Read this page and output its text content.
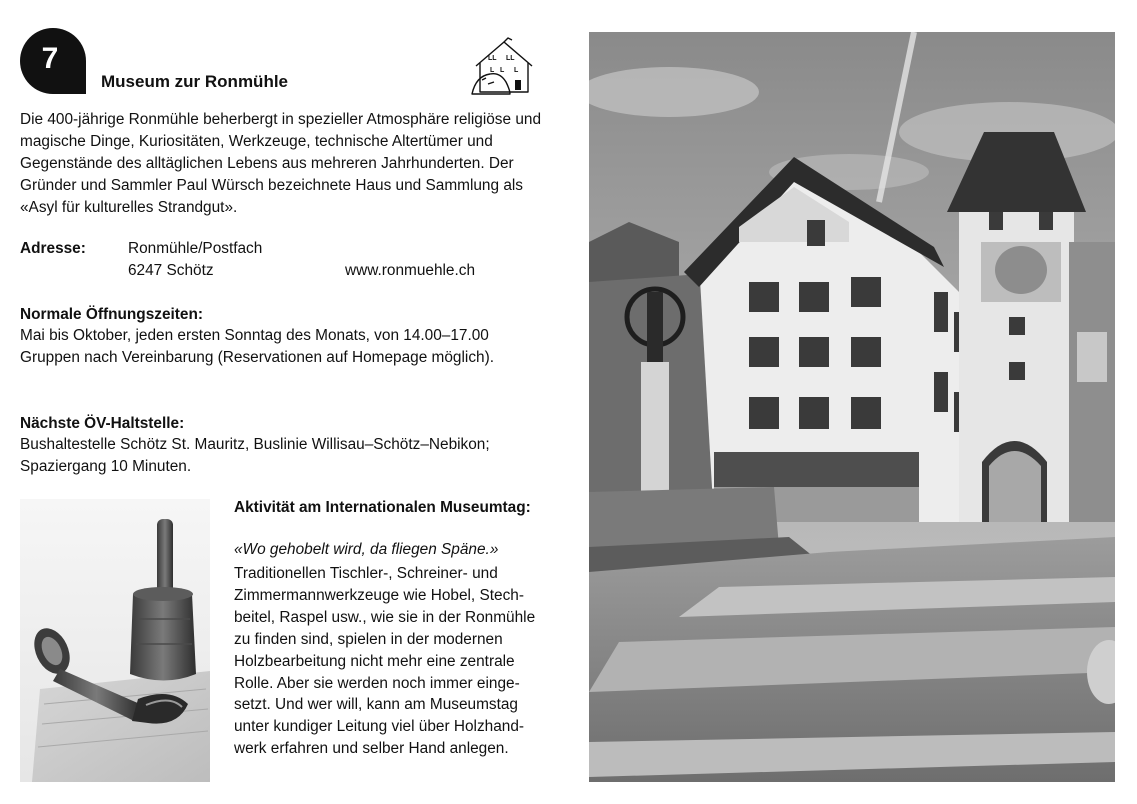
7
Museum zur Ronmühle
LL LL
L L L
Die 400-jährige Ronmühle beherbergt in spezieller Atmosphäre religiöse und magische Dinge, Kuriositäten, Werkzeuge, technische Altertümer und Gegenstände des alltäglichen Lebens aus mehreren Jahrhunderten. Der Gründer und Sammler Paul Würsch bezeichnete Haus und Sammlung als «Asyl für kulturelles Strandgut».
Adresse:	Ronmühle/Postfach
6247 Schötz	www.ronmuehle.ch
Normale Öffnungszeiten:
Mai bis Oktober, jeden ersten Sonntag des Monats, von 14.00–17.00
Gruppen nach Vereinbarung (Reservationen auf Homepage möglich).
Nächste ÖV-Haltstelle:
Bushaltestelle Schötz St. Mauritz, Buslinie Willisau–Schötz–Nebikon;
Spaziergang 10 Minuten.
Aktivität am Internationalen Museumtag:
«Wo gehobelt wird, da fliegen Späne.»
Traditionellen Tischler-, Schreiner- und
Zimmermannwerkzeuge wie Hobel, Stech-
beitel, Raspel usw., wie sie in der Ronmühle
zu finden sind, spielen in der modernen
Holzbearbeitung nicht mehr eine zentrale
Rolle. Aber sie werden noch immer einge-
setzt. Und wer will, kann am Museumstag
unter kundiger Leitung viel über Holzhand-
werk erfahren und selber Hand anlegen.
